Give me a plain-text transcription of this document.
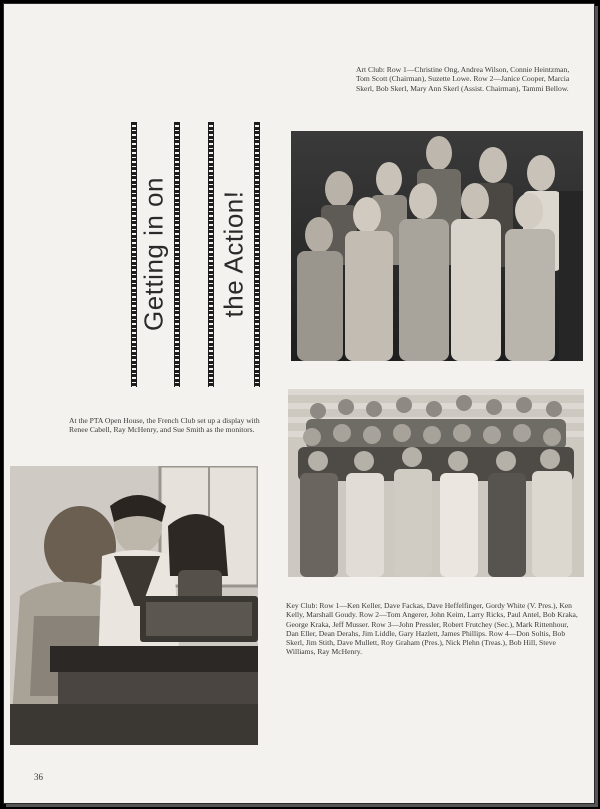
Art Club: Row 1—Christine Ong, Andrea Wilson, Connie Heintzman, Tom Scott (Chairman), Suzette Lowe. Row 2—Janice Cooper, Marcia Skerl, Bob Skerl, Mary Ann Skerl (Assist. Chairman), Tammi Bellow.

Getting in on the Action!

At the PTA Open House, the French Club set up a display with Renee Cabell, Ray McHenry, and Sue Smith as the monitors.

Key Club: Row 1—Ken Keller, Dave Fackas, Dave Heffelfinger, Gordy White (V. Pres.), Ken Kelly, Marshall Goudy. Row 2—Tom Angerer, John Keim, Larry Ricks, Paul Antel, Bob Kraka, George Kraka, Jeff Musser. Row 3—John Pressler, Robert Frutchey (Sec.), Mark Rittenhour, Dan Eller, Dean Derahs, Jim Liddle, Gary Hazlett, James Phillips. Row 4—Don Soltis, Bob Skerl, Jim Stith, Dave Mullett, Roy Graham (Pres.), Nick Plehn (Treas.), Bob Hill, Steve Williams, Ray McHenry.

36
